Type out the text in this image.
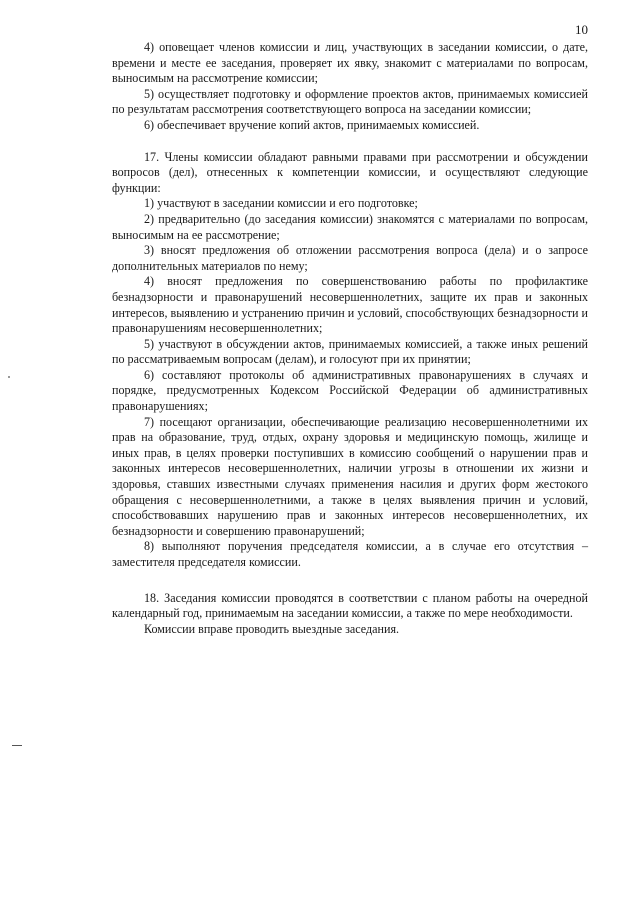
10

4) оповещает членов комиссии и лиц, участвующих в заседании комиссии, о дате, времени и месте ее заседания, проверяет их явку, знакомит с материалами по вопросам, выносимым на рассмотрение комиссии;

5) осуществляет подготовку и оформление проектов актов, принимаемых комиссией по результатам рассмотрения соответствующего вопроса на заседании комиссии;

6) обеспечивает вручение копий актов, принимаемых комиссией.

17. Члены комиссии обладают равными правами при рассмотрении и обсуждении вопросов (дел), отнесенных к компетенции комиссии, и осуществляют следующие функции:

1) участвуют в заседании комиссии и его подготовке;

2) предварительно (до заседания комиссии) знакомятся с материалами по вопросам, выносимым на ее рассмотрение;

3) вносят предложения об отложении рассмотрения вопроса (дела) и о запросе дополнительных материалов по нему;

4) вносят предложения по совершенствованию работы по профилактике безнадзорности и правонарушений несовершеннолетних, защите их прав и законных интересов, выявлению и устранению причин и условий, способствующих безнадзорности и правонарушениям несовершеннолетних;

5) участвуют в обсуждении актов, принимаемых комиссией, а также иных решений по рассматриваемым вопросам (делам), и голосуют при их принятии;

6) составляют протоколы об административных правонарушениях в случаях и порядке, предусмотренных Кодексом Российской Федерации об административных правонарушениях;

7) посещают организации, обеспечивающие реализацию несовершеннолетними их прав на образование, труд, отдых, охрану здоровья и медицинскую помощь, жилище и иных прав, в целях проверки поступивших в комиссию сообщений о нарушении прав и законных интересов несовершеннолетних, наличии угрозы в отношении их жизни и здоровья, ставших известными случаях применения насилия и других форм жестокого обращения с несовершеннолетними, а также в целях выявления причин и условий, способствовавших нарушению прав и законных интересов несовершеннолетних, их безнадзорности и совершению правонарушений;

8) выполняют поручения председателя комиссии, а в случае его отсутствия – заместителя председателя комиссии.

18. Заседания комиссии проводятся в соответствии с планом работы на очередной календарный год, принимаемым на заседании комиссии, а также по мере необходимости.

Комиссии вправе проводить выездные заседания.
